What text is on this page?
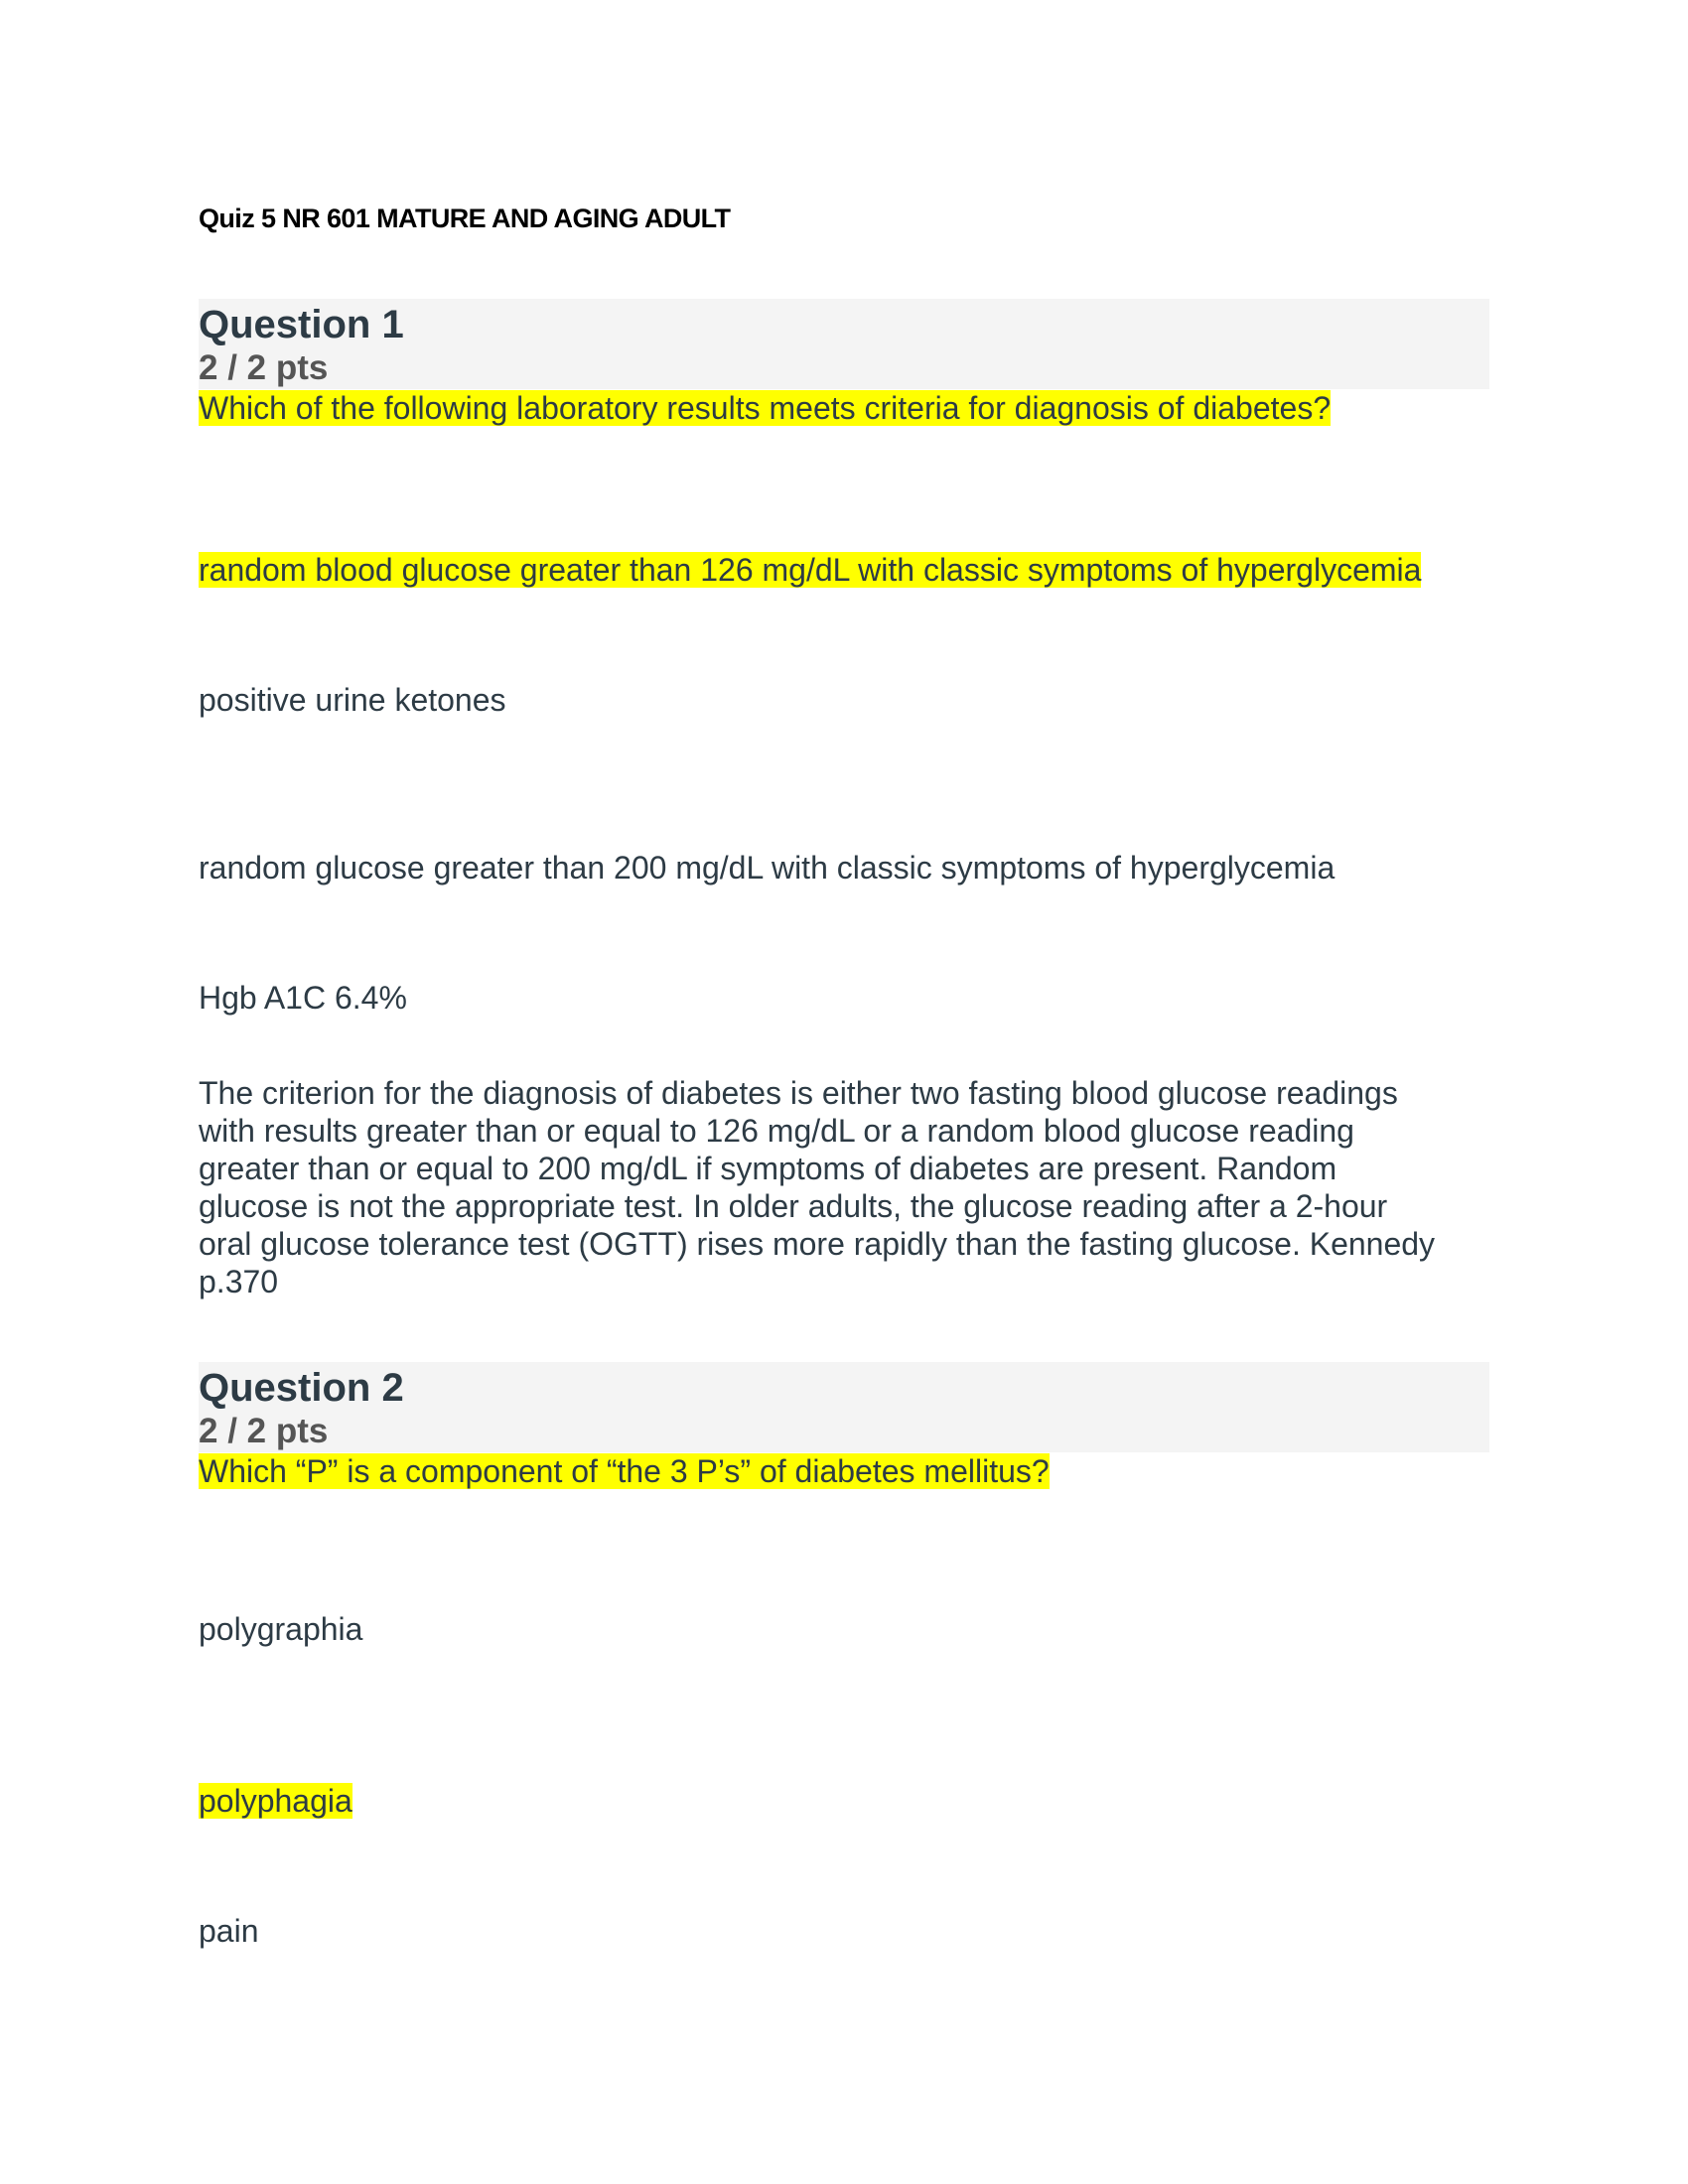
Quiz 5 NR 601 MATURE AND AGING ADULT
Question 1
2 / 2 pts
Which of the following laboratory results meets criteria for diagnosis of diabetes?
random blood glucose greater than 126 mg/dL with classic symptoms of hyperglycemia
positive urine ketones
random glucose greater than 200 mg/dL with classic symptoms of hyperglycemia
Hgb A1C 6.4%
The criterion for the diagnosis of diabetes is either two fasting blood glucose readings
with results greater than or equal to 126 mg/dL or a random blood glucose reading
greater than or equal to 200 mg/dL if symptoms of diabetes are present. Random
glucose is not the appropriate test. In older adults, the glucose reading after a 2-hour
oral glucose tolerance test (OGTT) rises more rapidly than the fasting glucose. Kennedy
p.370
Question 2
2 / 2 pts
Which “P” is a component of “the 3 P’s” of diabetes mellitus?
polygraphia
polyphagia
pain
